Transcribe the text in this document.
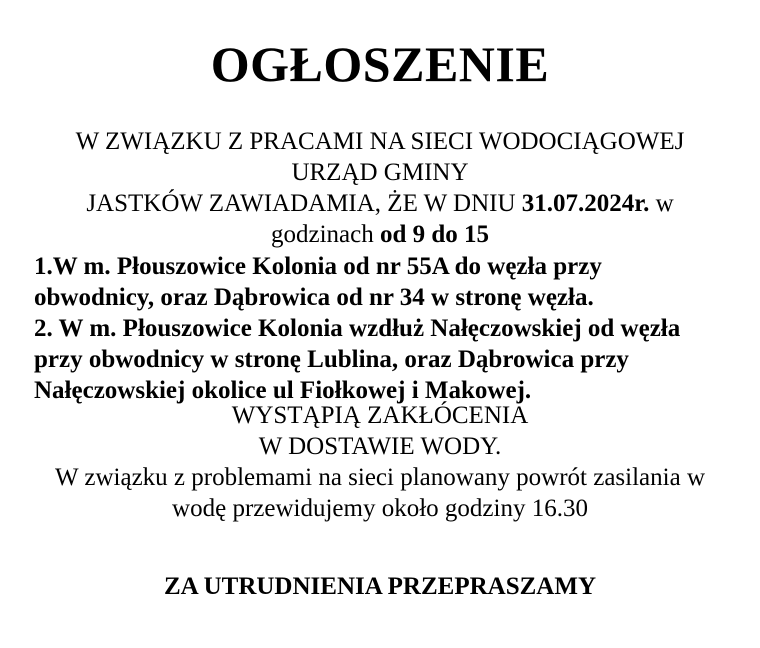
OGŁOSZENIE
W ZWIĄZKU Z PRACAMI NA SIECI WODOCIĄGOWEJ
URZĄD GMINY
JASTKÓW ZAWIADAMIA, ŻE W DNIU 31.07.2024r. w
godzinach od 9 do 15
1.W m. Płouszowice Kolonia od nr 55A do węzła przy
obwodnicy, oraz Dąbrowica od nr 34 w stronę węzła.
2. W m. Płouszowice Kolonia wzdłuż Nałęczowskiej od węzła
przy obwodnicy w stronę Lublina, oraz Dąbrowica przy
Nałęczowskiej okolice ul Fiołkowej i Makowej.
WYSTĄPIĄ ZAKŁÓCENIA
W DOSTAWIE WODY.
W związku z problemami na sieci planowany powrót zasilania w
wodę przewidujemy około godziny 16.30
ZA UTRUDNIENIA PRZEPRASZAMY
